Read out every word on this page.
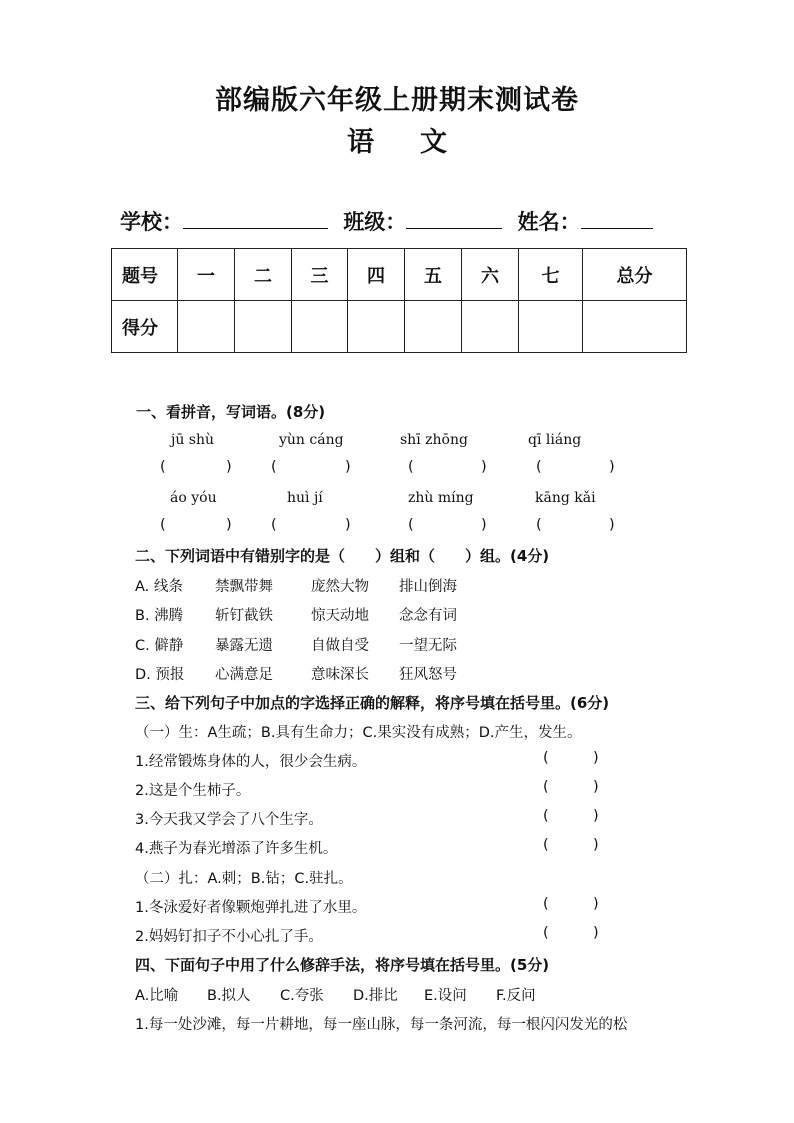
部编版六年级上册期末测试卷
语 文
学校：	班级：	姓名：
题号	一	二	三	四	五	六	七	总分
得分								
一、看拼音，写词语。(8分)
jū shù	yùn cáng	shī zhōng	qī liáng
(	)	(	)	(	)	(	)
áo yóu	huì jí	zhù míng	kāng kǎi
(	)	(	)	(	)	(	)
二、下列词语中有错别字的是（　　）组和（　　）组。(4分)
A. 线条 禁飘带舞	庞然大物 排山倒海
B. 沸腾 斩钉截铁	惊天动地 念念有词
C. 僻静 暴露无遗	自做自受 一望无际
D. 预报 心满意足	意味深长 狂风怒号
三、给下列句子中加点的字选择正确的解释，将序号填在括号里。(6分)
（一）生：A生疏；B.具有生命力；C.果实没有成熟；D.产生，发生。
1.经常锻炼身体的人，很少会生病。	(	)
2.这是个生柿子。	(	)
3.今天我又学会了八个生字。	(	)
4.燕子为春光增添了许多生机。	(	)
（二）扎：A.刺；B.钻；C.驻扎。
1.冬泳爱好者像颗炮弹扎进了水里。	(	)
2.妈妈钉扣子不小心扎了手。	(	)
四、下面句子中用了什么修辞手法，将序号填在括号里。(5分)
A.比喻 B.拟人 C.夸张 D.排比 E.设问 F.反问
1.每一处沙滩，每一片耕地，每一座山脉，每一条河流，每一根闪闪发光的松
